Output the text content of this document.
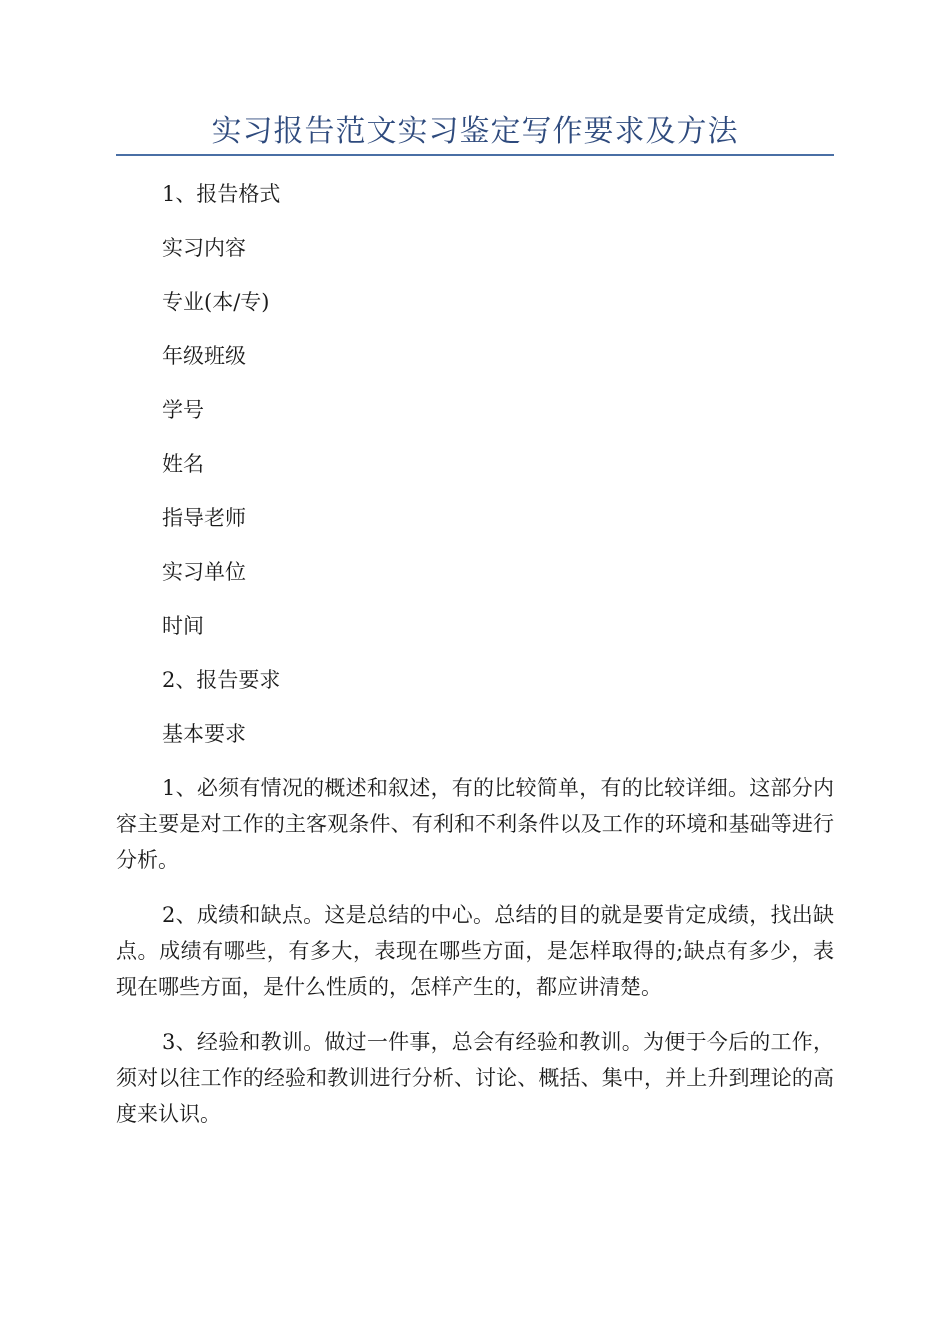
实习报告范文实习鉴定写作要求及方法

1、报告格式

实习内容

专业(本/专)

年级班级

学号

姓名

指导老师

实习单位

时间

2、报告要求

基本要求

1、必须有情况的概述和叙述，有的比较简单，有的比较详细。这部分内容主要是对工作的主客观条件、有利和不利条件以及工作的环境和基础等进行分析。

2、成绩和缺点。这是总结的中心。总结的目的就是要肯定成绩，找出缺点。成绩有哪些，有多大，表现在哪些方面，是怎样取得的;缺点有多少，表现在哪些方面，是什么性质的，怎样产生的，都应讲清楚。

3、经验和教训。做过一件事，总会有经验和教训。为便于今后的工作，须对以往工作的经验和教训进行分析、讨论、概括、集中，并上升到理论的高度来认识。
